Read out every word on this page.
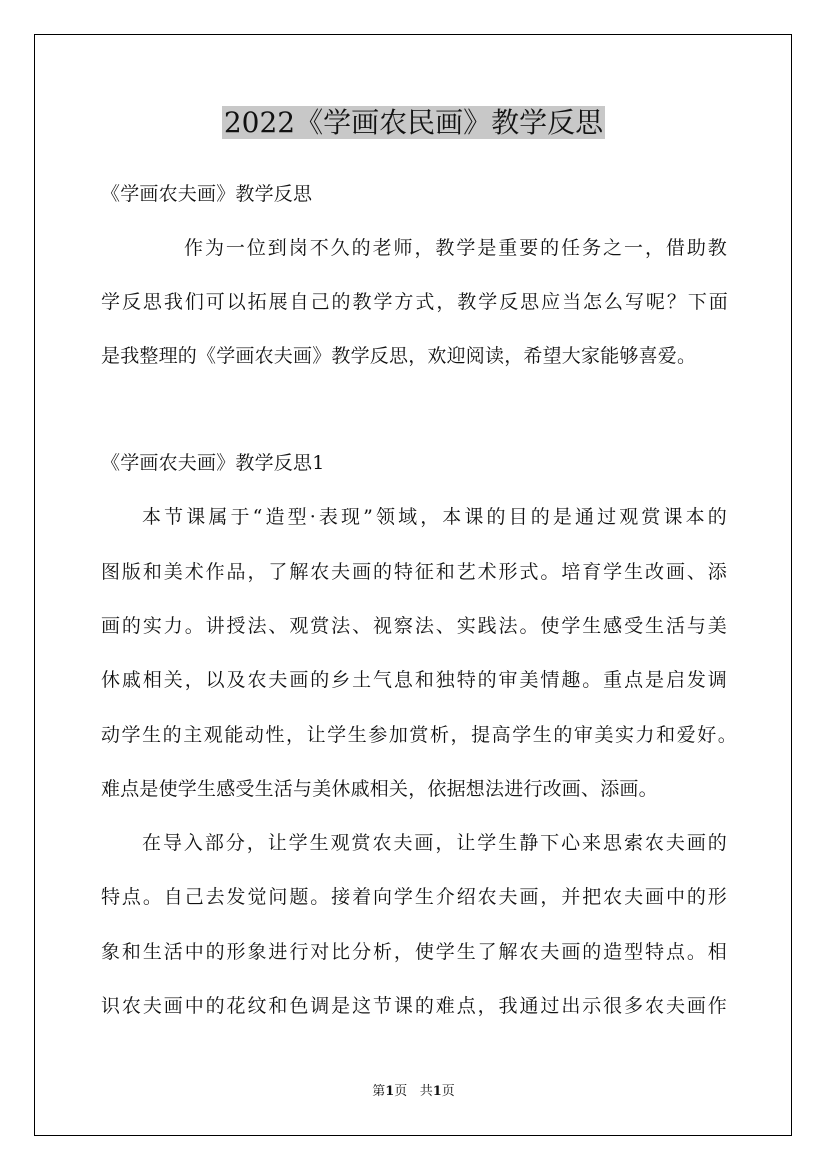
2022《学画农民画》教学反思

《学画农夫画》教学反思

作为一位到岗不久的老师，教学是重要的任务之一，借助教

学反思我们可以拓展自己的教学方式，教学反思应当怎么写呢？下面

是我整理的《学画农夫画》教学反思，欢迎阅读，希望大家能够喜爱。

《学画农夫画》教学反思1

本节课属于“造型·表现”领域，本课的目的是通过观赏课本的

图版和美术作品，了解农夫画的特征和艺术形式。培育学生改画、添

画的实力。讲授法、观赏法、视察法、实践法。使学生感受生活与美

休戚相关，以及农夫画的乡土气息和独特的审美情趣。重点是启发调

动学生的主观能动性，让学生参加赏析，提高学生的审美实力和爱好。

难点是使学生感受生活与美休戚相关，依据想法进行改画、添画。

在导入部分，让学生观赏农夫画，让学生静下心来思索农夫画的

特点。自己去发觉问题。接着向学生介绍农夫画，并把农夫画中的形

象和生活中的形象进行对比分析，使学生了解农夫画的造型特点。相

识农夫画中的花纹和色调是这节课的难点，我通过出示很多农夫画作

第1页   共1页
